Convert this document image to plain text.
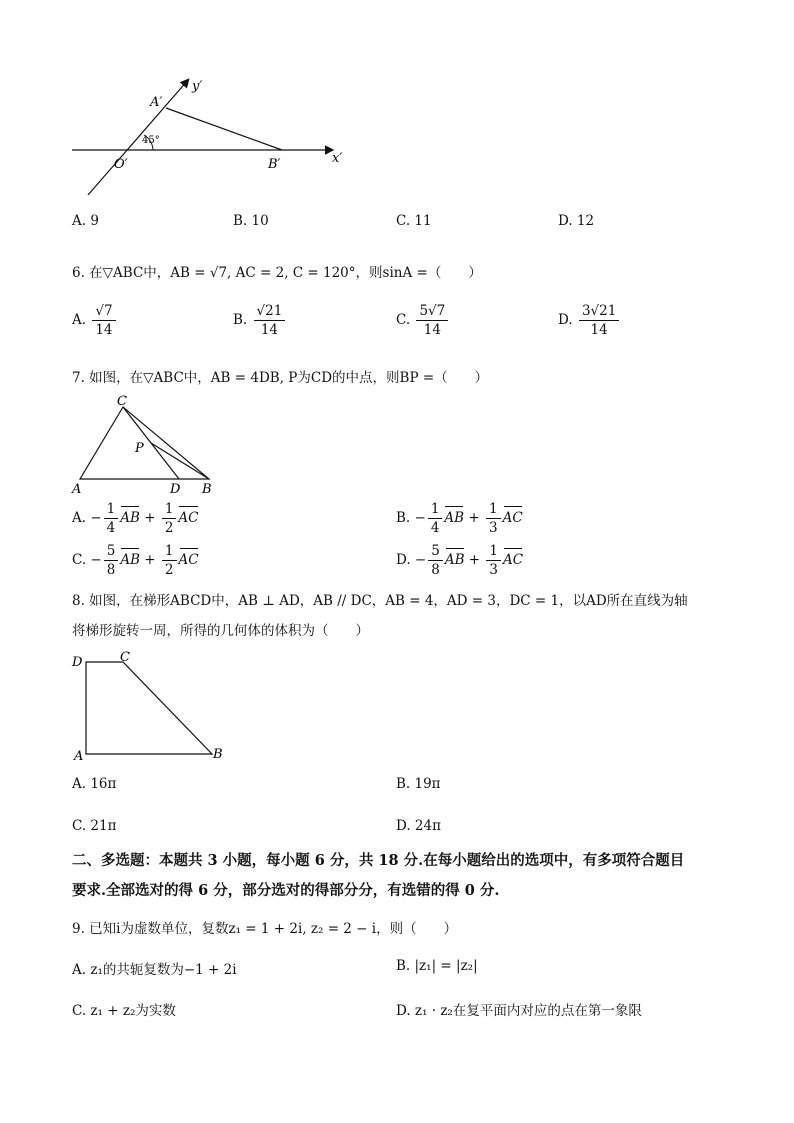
y′
x′
A′
O′	B′
45°
A. 9	B. 10	C. 11	D. 12
6. 在▽ABC中，AB = √7, AC = 2, C = 120°，则sinA =（　　）
A. $\frac{√7}{14}$	B. $\frac{√21}{14}$	C. $\frac{5√7}{14}$	D. $\frac{3√21}{14}$
7. 如图，在▽ABC中，AB = 4DB, P为CD的中点，则BP =（　　）
C
P
A	D B
A. − $\frac{1}{4}$ AB + $\frac{1}{2}$ AC	B. − $\frac{1}{4}$ AB + $\frac{1}{3}$ AC
C. − $\frac{5}{8}$ AB + $\frac{1}{2}$ AC	D. − $\frac{5}{8}$ AB + $\frac{1}{3}$ AC
8. 如图，在梯形ABCD中，AB ⊥ AD，AB // DC，AB = 4，AD = 3，DC = 1，以AD所在直线为轴
将梯形旋转一周，所得的几何体的体积为（　　）
D	C
A	B
A. 16π	B. 19π
C. 21π	D. 24π
二、多选题：本题共 3 小题，每小题 6 分，共 18 分.在每小题给出的选项中，有多项符合题目
要求.全部选对的得 6 分，部分选对的得部分分，有选错的得 0 分.
9. 已知i为虚数单位，复数z₁ = 1 + 2i, z₂ = 2 − i，则（　　）
A. z₁的共轭复数为−1 + 2i	B. |z₁| = |z₂|
C. z₁ + z₂为实数	D. z₁ · z₂在复平面内对应的点在第一象限
